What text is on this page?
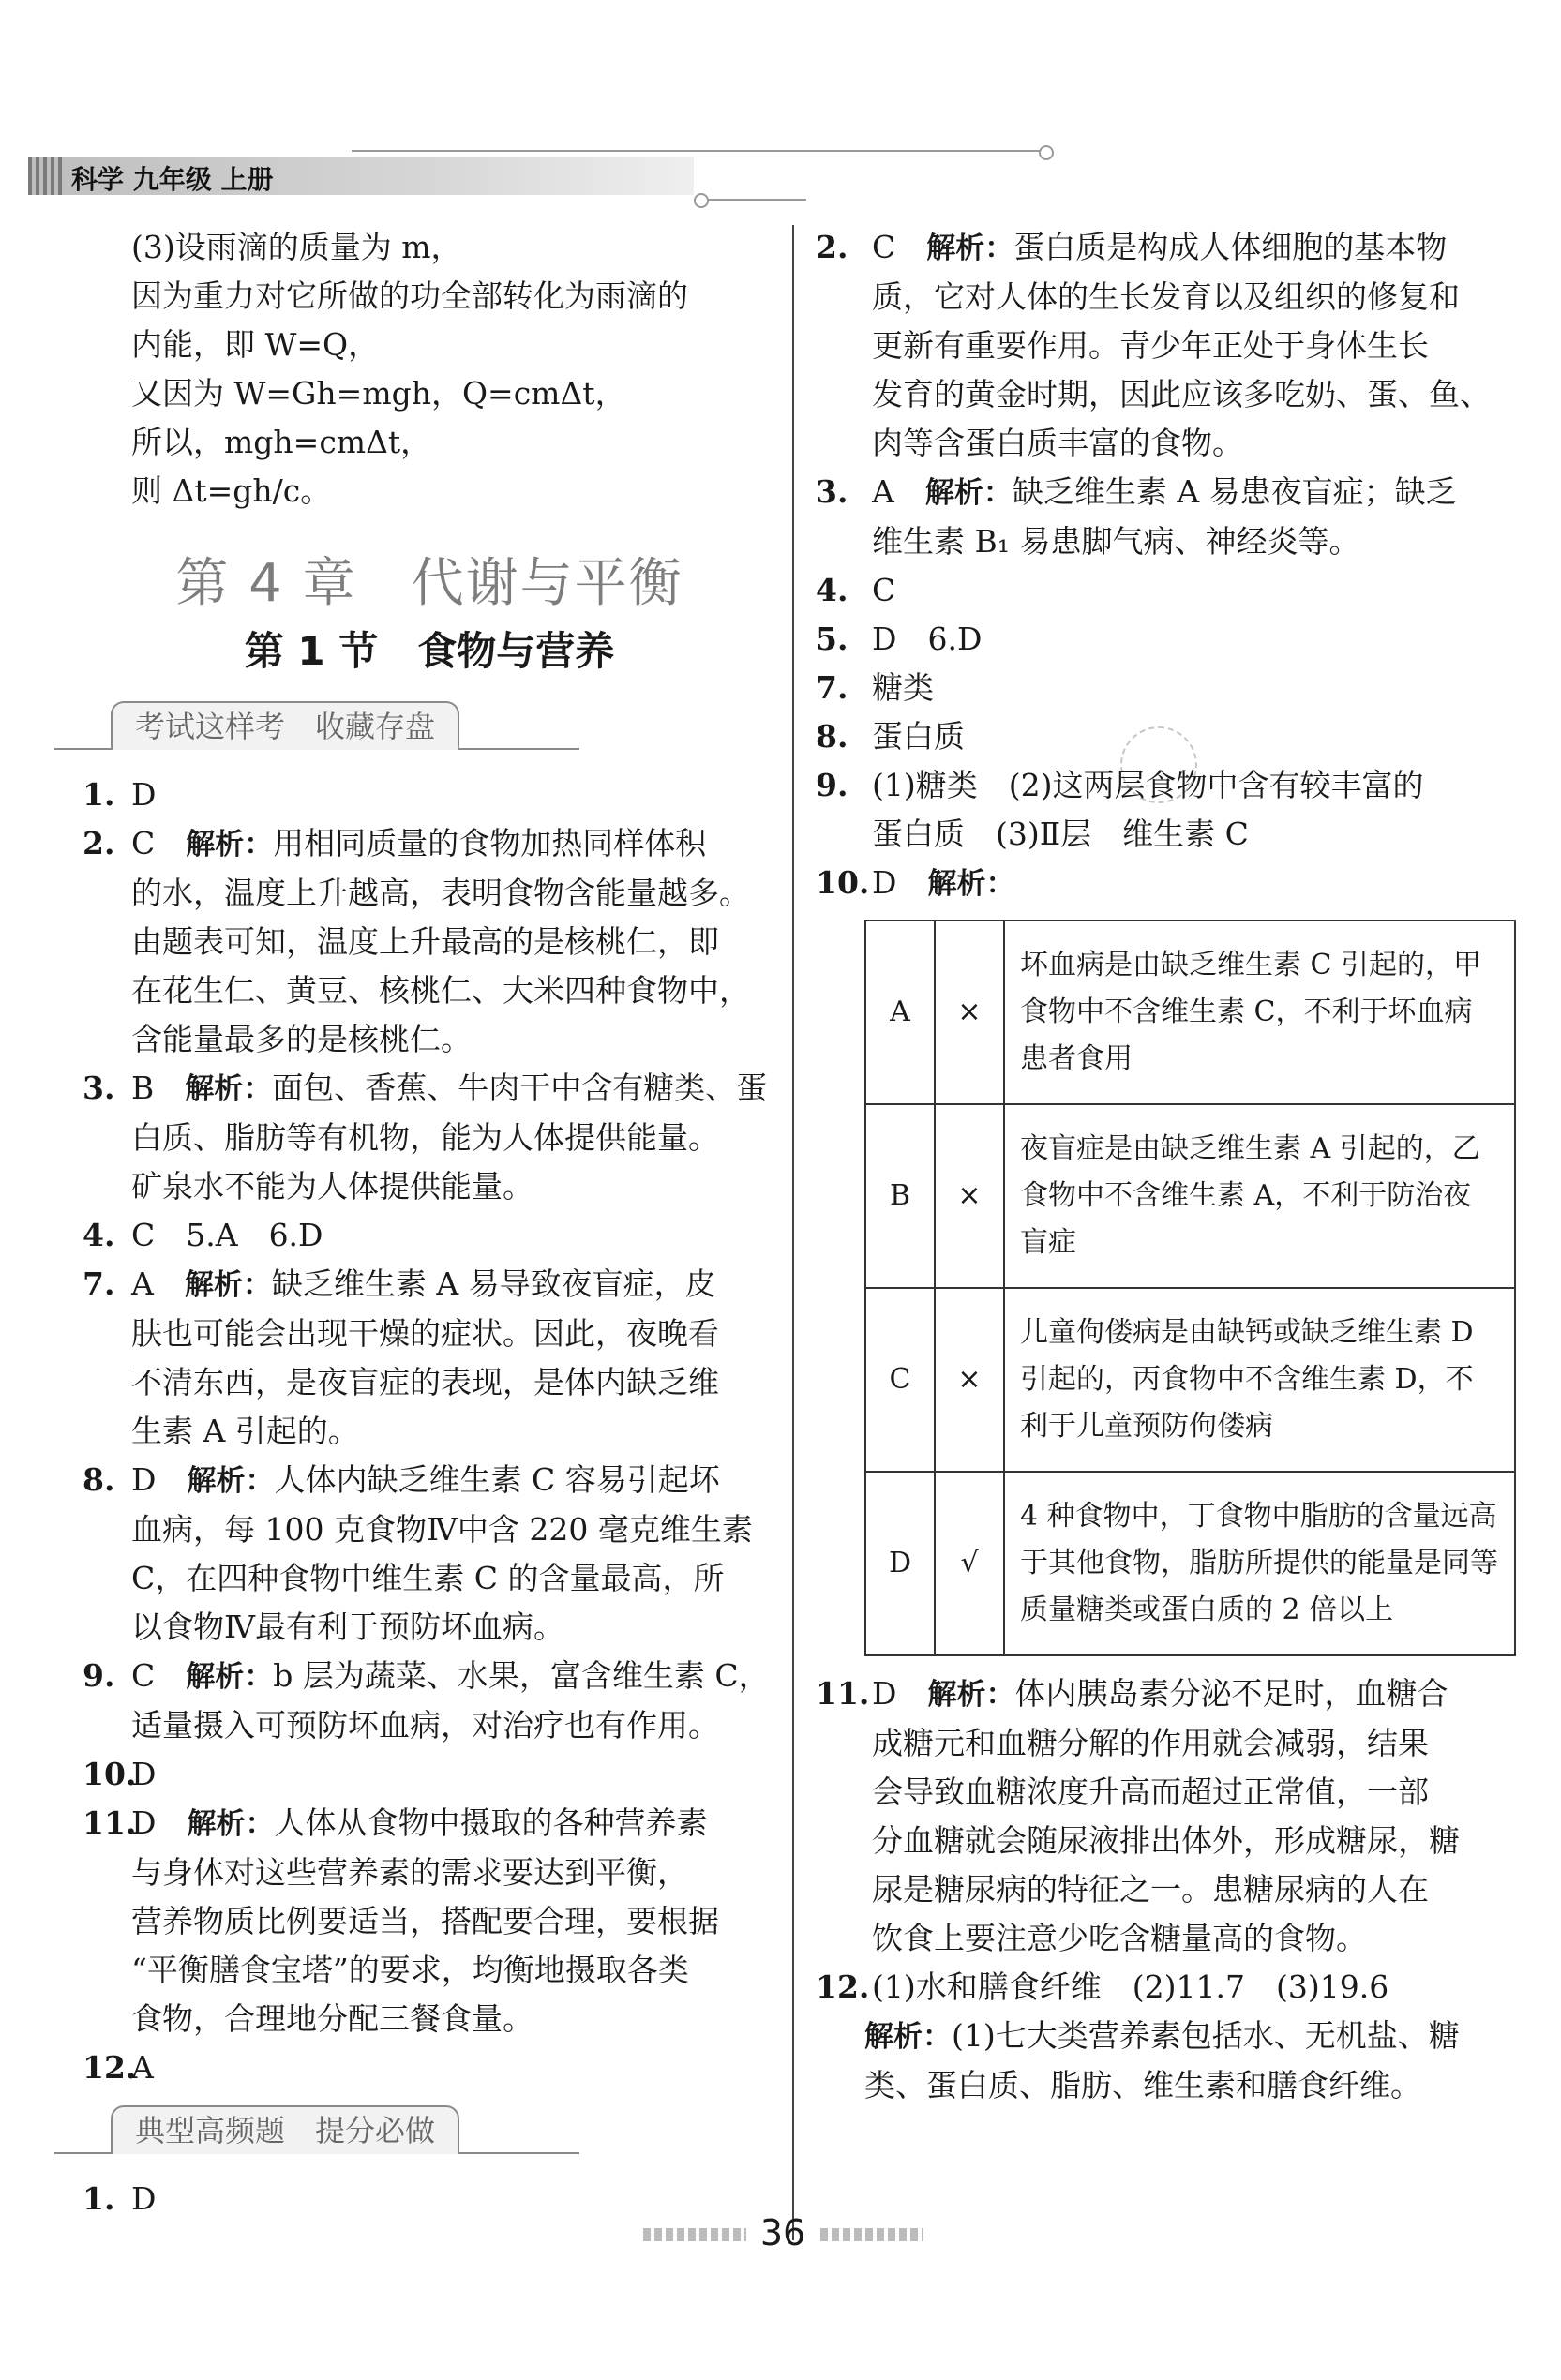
科学 九年级 上册

(3)设雨滴的质量为 m，

因为重力对它所做的功全部转化为雨滴的

内能，即 W=Q，

又因为 W=Gh=mgh，Q=cmΔt，

所以，mgh=cmΔt，

则 Δt=gh/c。

第 4 章　代谢与平衡
第 1 节　食物与营养
考试这样考　收藏存盘
1. D
2. C　 解析：用相同质量的食物加热同样体积
的水，温度上升越高，表明食物含能量越多。
由题表可知，温度上升最高的是核桃仁，即
在花生仁、黄豆、核桃仁、大米四种食物中，
含能量最多的是核桃仁。
3. B　 解析：面包、香蕉、牛肉干中含有糖类、蛋
白质、脂肪等有机物，能为人体提供能量。
矿泉水不能为人体提供能量。
4. C　5.A　6.D
7. A　 解析：缺乏维生素 A 易导致夜盲症，皮
肤也可能会出现干燥的症状。因此，夜晚看
不清东西，是夜盲症的表现，是体内缺乏维
生素 A 引起的。
8. D　 解析：人体内缺乏维生素 C 容易引起坏
血病，每 100 克食物Ⅳ中含 220 毫克维生素
C，在四种食物中维生素 C 的含量最高，所
以食物Ⅳ最有利于预防坏血病。
9. C　 解析：b 层为蔬菜、水果，富含维生素 C，
适量摄入可预防坏血病，对治疗也有作用。
10.
D
11.
D　 解析：人体从食物中摄取的各种营养素
与身体对这些营养素的需求要达到平衡，
营养物质比例要适当，搭配要合理，要根据
“平衡膳食宝塔”的要求，均衡地摄取各类
食物，合理地分配三餐食量。
12.
A
典型高频题　提分必做
1. D
2. C　 解析：蛋白质是构成人体细胞的基本物
质，它对人体的生长发育以及组织的修复和
更新有重要作用。青少年正处于身体生长
发育的黄金时期，因此应该多吃奶、蛋、鱼、
肉等含蛋白质丰富的食物。
3. A　 解析：缺乏维生素 A 易患夜盲症；缺乏
维生素 B₁ 易患脚气病、神经炎等。
4. C
5. D　6.D
7. 糖类
8. 蛋白质
9. (1)糖类　(2)这两层食物中含有较丰富的
蛋白质　(3)Ⅱ层　维生素 C
10. D　 解析：
A	×	坏血病是由缺乏维生素 C 引起的，甲食物中不含维生素 C，不利于坏血病患者食用
B	×	夜盲症是由缺乏维生素 A 引起的，乙食物中不含维生素 A，不利于防治夜盲症
C	×	儿童佝偻病是由缺钙或缺乏维生素 D 引起的，丙食物中不含维生素 D，不利于儿童预防佝偻病
D	√	4 种食物中，丁食物中脂肪的含量远高于其他食物，脂肪所提供的能量是同等质量糖类或蛋白质的 2 倍以上
11. D　 解析：体内胰岛素分泌不足时，血糖合
成糖元和血糖分解的作用就会减弱，结果
会导致血糖浓度升高而超过正常值，一部
分血糖就会随尿液排出体外，形成糖尿，糖
尿是糖尿病的特征之一。患糖尿病的人在
饮食上要注意少吃含糖量高的食物。
12. (1)水和膳食纤维　(2)11.7　(3)19.6

解析：(1)七大类营养素包括水、无机盐、糖

类、蛋白质、脂肪、维生素和膳食纤维。

36
